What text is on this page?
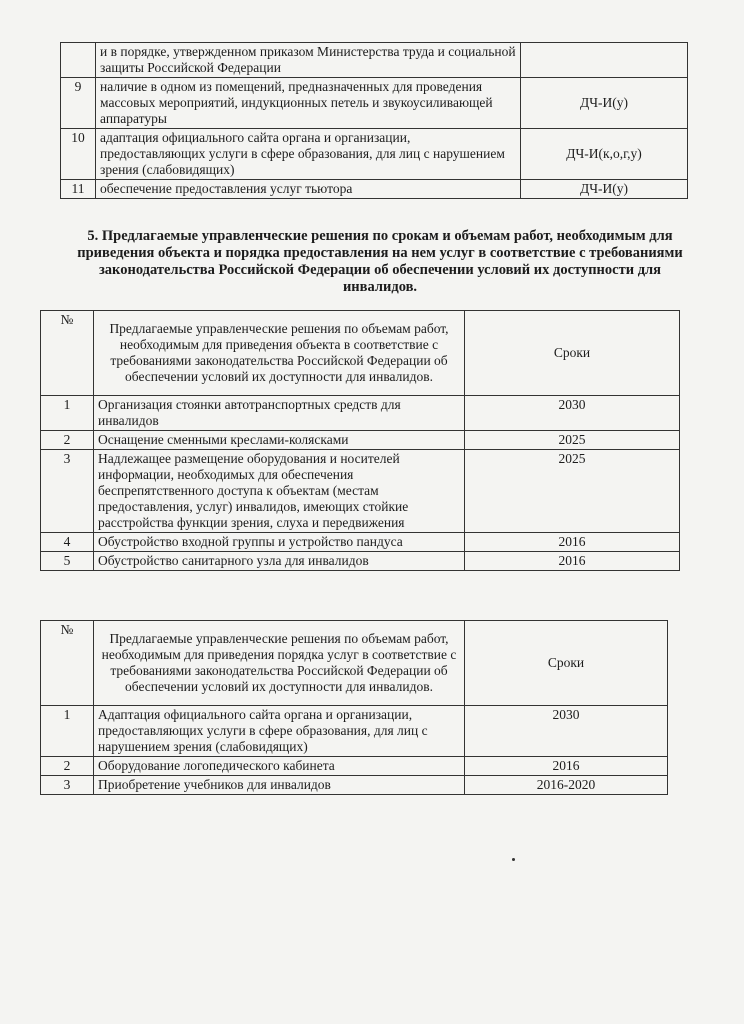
	и в порядке, утвержденном приказом Министерства труда и социальной защиты Российской Федерации	
9	наличие в одном из помещений, предназначенных для проведения массовых мероприятий, индукционных петель и звукоусиливающей аппаратуры	ДЧ-И(у)
10	адаптация официального сайта органа и организации, предоставляющих услуги в сфере образования, для лиц с нарушением зрения (слабовидящих)	ДЧ-И(к,о,г,у)
11	обеспечение предоставления услуг тьютора	ДЧ-И(у)
5. Предлагаемые управленческие решения по срокам и объемам работ, необходимым для приведения объекта и порядка предоставления на нем услуг в соответствие с требованиями законодательства Российской Федерации об обеспечении условий их доступности для инвалидов.
№	Предлагаемые управленческие решения по объемам работ, необходимым для приведения объекта в соответствие с требованиями законодательства Российской Федерации об обеспечении условий их доступности для инвалидов.	Сроки
1	Организация стоянки автотранспортных средств для инвалидов	2030
2	Оснащение сменными креслами-колясками	2025
3	Надлежащее размещение оборудования и носителей информации, необходимых для обеспечения беспрепятственного доступа к объектам (местам предоставления, услуг) инвалидов, имеющих стойкие расстройства функции зрения, слуха и передвижения	2025
4	Обустройство входной группы и устройство пандуса	2016
5	Обустройство санитарного узла для инвалидов	2016
№	Предлагаемые управленческие решения по объемам работ, необходимым для приведения порядка услуг в соответствие с требованиями законодательства Российской Федерации об обеспечении условий их доступности для инвалидов.	Сроки
1	Адаптация официального сайта органа и организации, предоставляющих услуги в сфере образования, для лиц с нарушением зрения (слабовидящих)	2030
2	Оборудование логопедического кабинета	2016
3	Приобретение учебников для инвалидов	2016-2020
